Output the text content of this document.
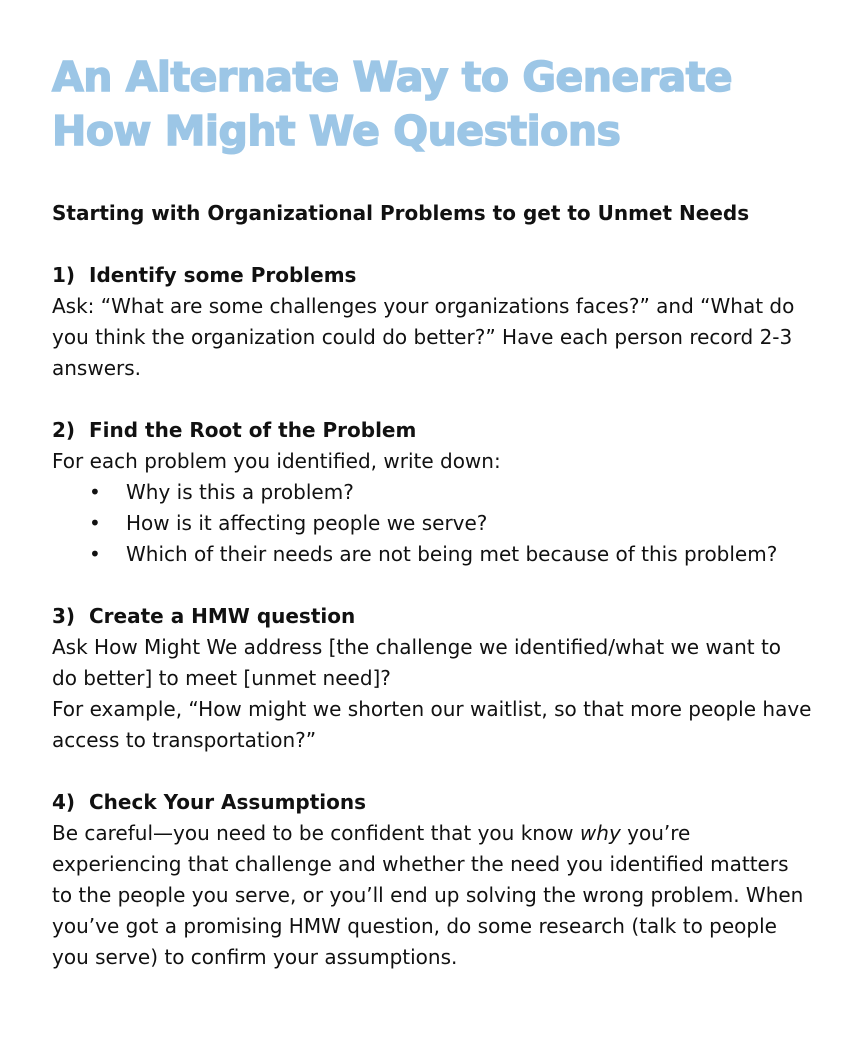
An Alternate Way to Generate
How Might We Questions
Starting with Organizational Problems to get to Unmet Needs
1) Identify some Problems

Ask: “What are some challenges your organizations faces?” and “What do you think the organization could do better?” Have each person record 2-3 answers.

2) Find the Root of the Problem

For each problem you identified, write down:

• Why is this a problem?
• How is it affecting people we serve?
• Which of their needs are not being met because of this problem?
3) Create a HMW question

Ask How Might We address [the challenge we identified/what we want to do better] to meet [unmet need]?

For example, “How might we shorten our waitlist, so that more people have access to transportation?”

4) Check Your Assumptions

Be careful—you need to be confident that you know why you’re experiencing that challenge and whether the need you identified matters to the people you serve, or you’ll end up solving the wrong problem. When you’ve got a promising HMW question, do some research (talk to people you serve) to confirm your assumptions.
